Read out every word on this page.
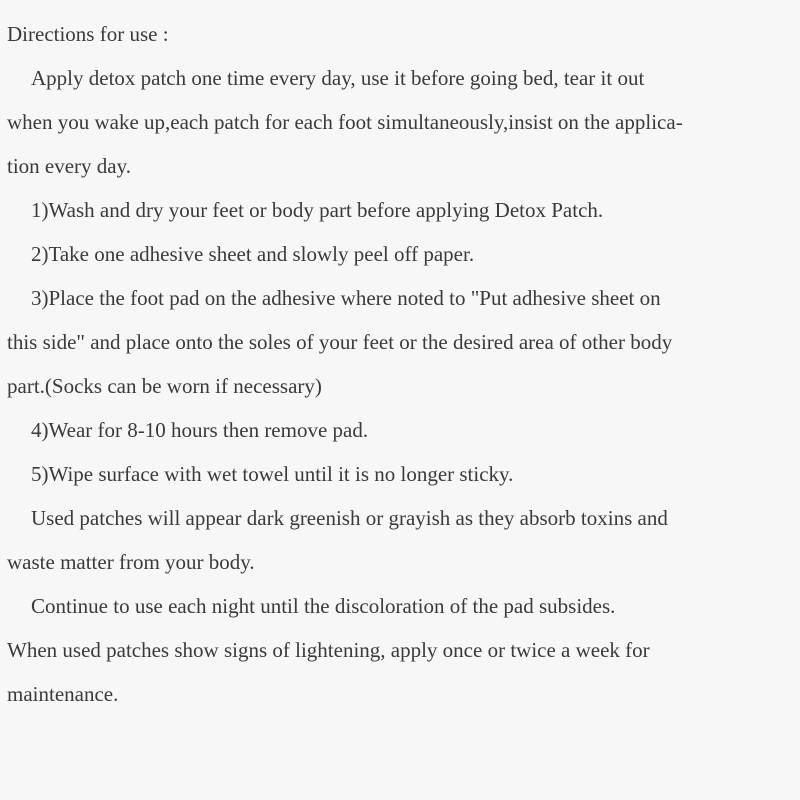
Directions for use :
Apply detox patch one time every day, use it before going bed, tear it out
when you wake up,each patch for each foot simultaneously,insist on the applica-
tion every day.
1)Wash and dry your feet or body part before applying Detox Patch.
2)Take one adhesive sheet and slowly peel off paper.
3)Place the foot pad on the adhesive where noted to "Put adhesive sheet on
this side" and place onto the soles of your feet or the desired area of other body
part.(Socks can be worn if necessary)
4)Wear for 8-10 hours then remove pad.
5)Wipe surface with wet towel until it is no longer sticky.
Used patches will appear dark greenish or grayish as they absorb toxins and
waste matter from your body.
Continue to use each night until the discoloration of the pad subsides.
When used patches show signs of lightening, apply once or twice a week for
maintenance.
